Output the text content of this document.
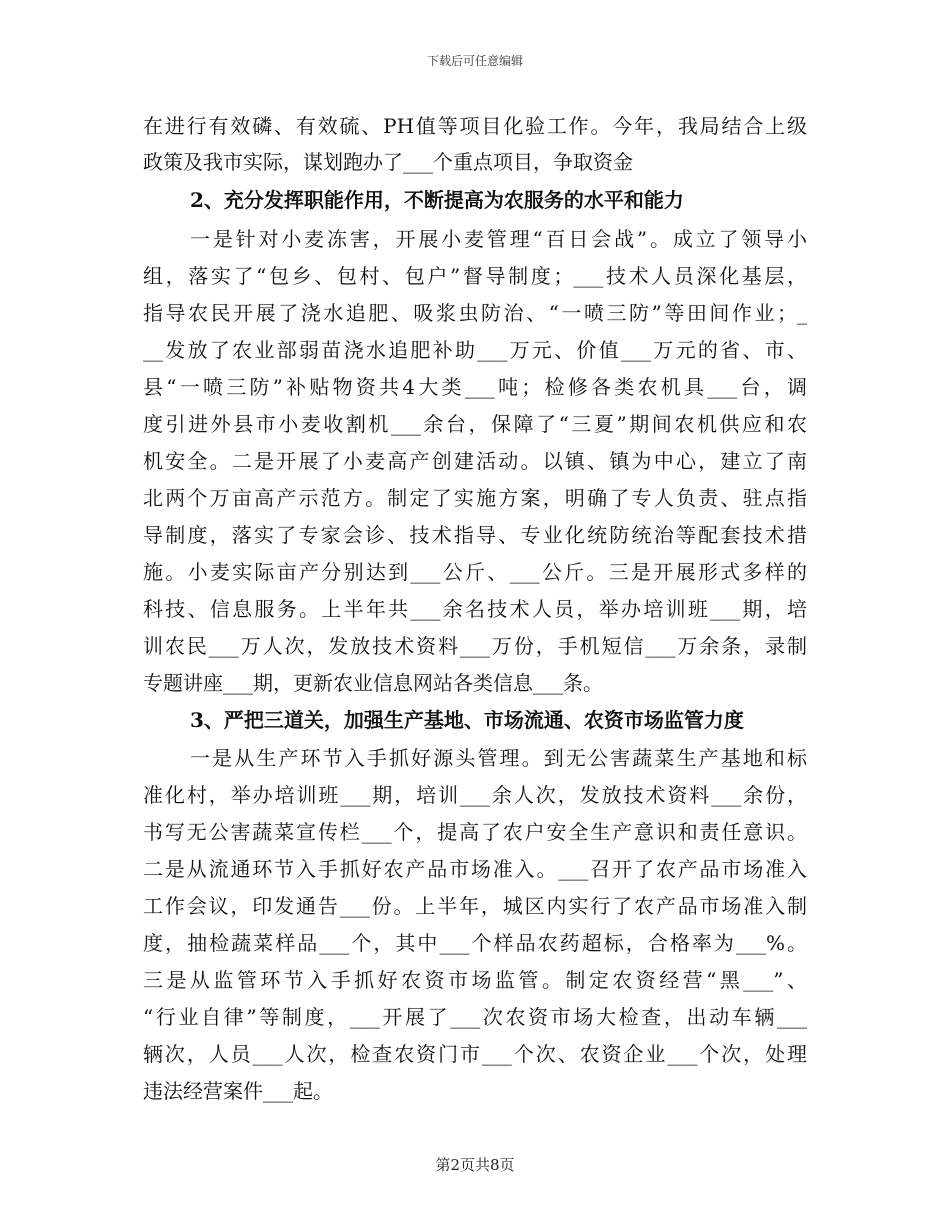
下载后可任意编辑
在进行有效磷、有效硫、PH值等项目化验工作。今年，我局结合上级
政策及我市实际，谋划跑办了___个重点项目，争取资金
2、充分发挥职能作用，不断提高为农服务的水平和能力
一是针对小麦冻害，开展小麦管理“百日会战”。成立了领导小
组，落实了“包乡、包村、包户”督导制度；___技术人员深化基层，
指导农民开展了浇水追肥、吸浆虫防治、“一喷三防”等田间作业；_
__发放了农业部弱苗浇水追肥补助___万元、价值___万元的省、市、
县“一喷三防”补贴物资共4大类___吨；检修各类农机具___台，调
度引进外县市小麦收割机___余台，保障了“三夏”期间农机供应和农
机安全。二是开展了小麦高产创建活动。以镇、镇为中心，建立了南
北两个万亩高产示范方。制定了实施方案，明确了专人负责、驻点指
导制度，落实了专家会诊、技术指导、专业化统防统治等配套技术措
施。小麦实际亩产分别达到___公斤、___公斤。三是开展形式多样的
科技、信息服务。上半年共___余名技术人员，举办培训班___期，培
训农民___万人次，发放技术资料___万份，手机短信___万余条，录制
专题讲座___期，更新农业信息网站各类信息___条。
3、严把三道关，加强生产基地、市场流通、农资市场监管力度
一是从生产环节入手抓好源头管理。到无公害蔬菜生产基地和标
准化村，举办培训班___期，培训___余人次，发放技术资料___余份，
书写无公害蔬菜宣传栏___个，提高了农户安全生产意识和责任意识。
二是从流通环节入手抓好农产品市场准入。___召开了农产品市场准入
工作会议，印发通告___份。上半年，城区内实行了农产品市场准入制
度，抽检蔬菜样品___个，其中___个样品农药超标，合格率为___%。
三是从监管环节入手抓好农资市场监管。制定农资经营“黑___”、
“行业自律”等制度，___开展了___次农资市场大检查，出动车辆___
辆次，人员___人次，检查农资门市___个次、农资企业___个次，处理
违法经营案件___起。
第2页共8页
